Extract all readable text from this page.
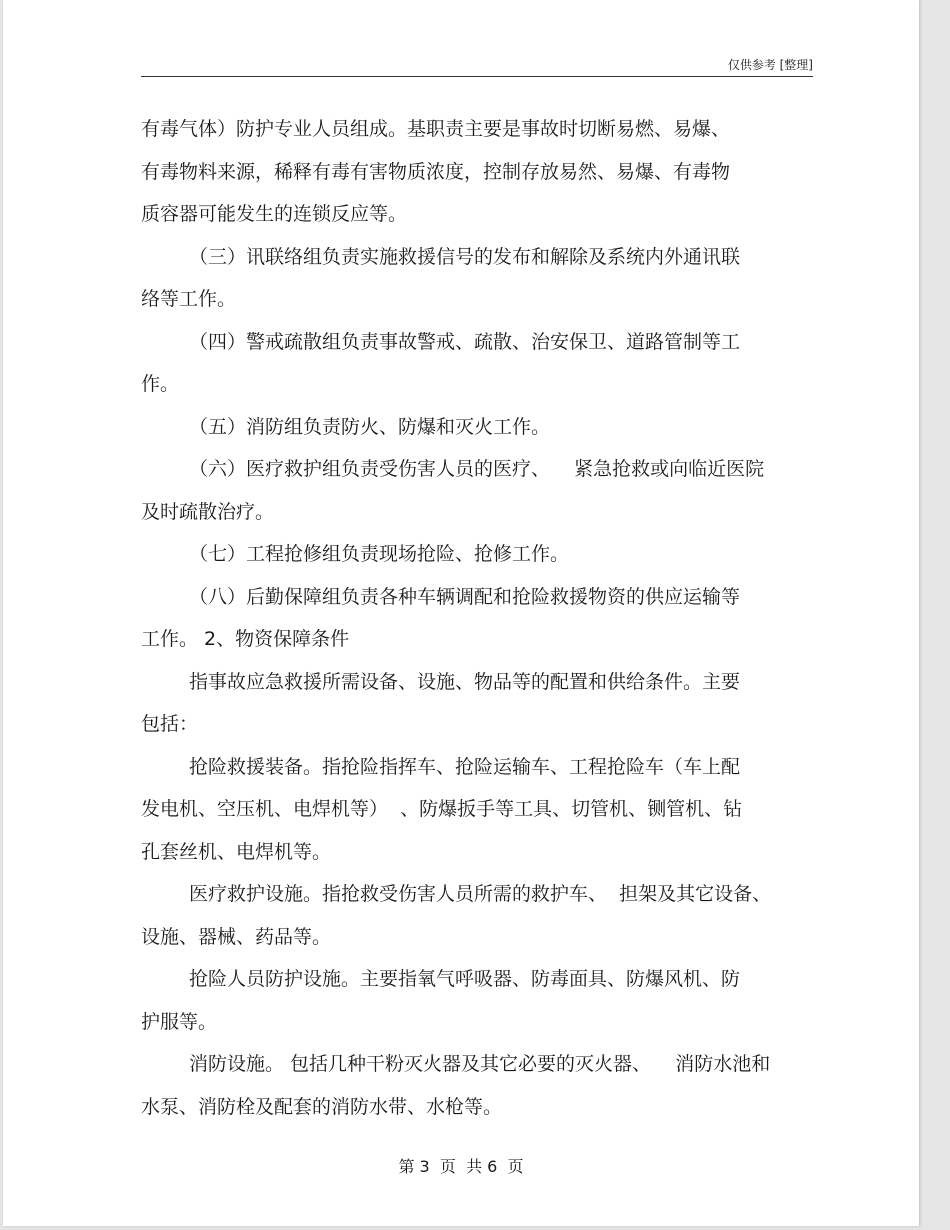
仅供参考 [整理]
有毒气体）防护专业人员组成。基职责主要是事故时切断易燃、易爆、
有毒物料来源，稀释有毒有害物质浓度，控制存放易然、易爆、有毒物
质容器可能发生的连锁反应等。
（三）讯联络组负责实施救援信号的发布和解除及系统内外通讯联
络等工作。
（四）警戒疏散组负责事故警戒、疏散、治安保卫、道路管制等工
作。
（五）消防组负责防火、防爆和灭火工作。
（六）医疗救护组负责受伤害人员的医疗、    紧急抢救或向临近医院
及时疏散治疗。
（七）工程抢修组负责现场抢险、抢修工作。
（八）后勤保障组负责各种车辆调配和抢险救援物资的供应运输等
工作。 2、物资保障条件
指事故应急救援所需设备、设施、物品等的配置和供给条件。主要
包括：
抢险救援装备。指抢险指挥车、抢险运输车、工程抢险车（车上配
发电机、空压机、电焊机等）  、防爆扳手等工具、切管机、铡管机、钻
孔套丝机、电焊机等。
医疗救护设施。指抢救受伤害人员所需的救护车、  担架及其它设备、
设施、器械、药品等。
抢险人员防护设施。主要指氧气呼吸器、防毒面具、防爆风机、防
护服等。
消防设施。 包括几种干粉灭火器及其它必要的灭火器、    消防水池和
水泵、消防栓及配套的消防水带、水枪等。
第 3  页  共 6  页
